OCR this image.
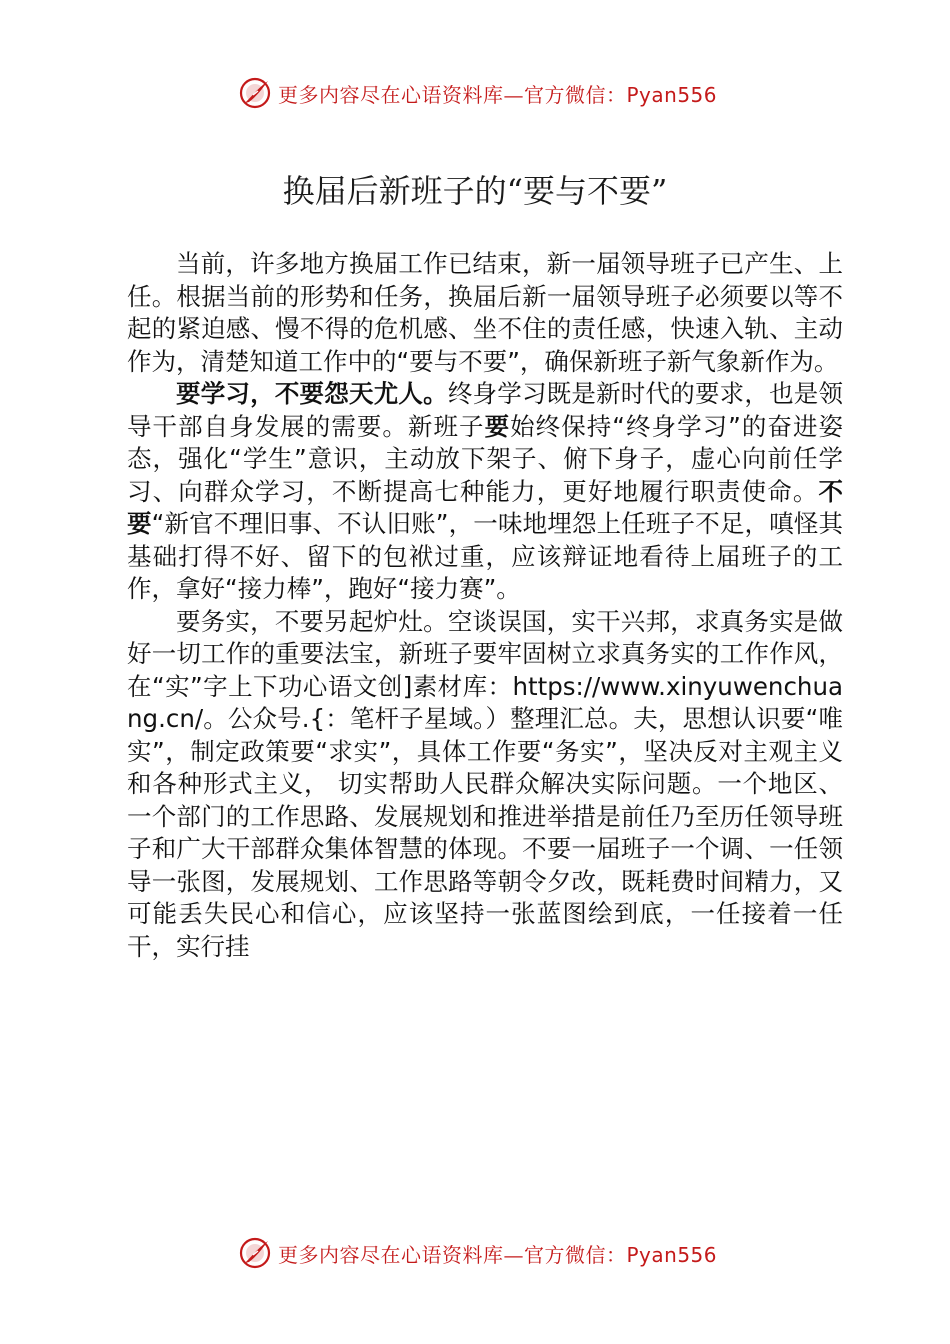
更多内容尽在心语资料库—官方微信：Pyan556
换届后新班子的“要与不要”

当前，许多地方换届工作已结束，新一届领导班子已产生、上任。根据当前的形势和任务，换届后新一届领导班子必须要以等不起的紧迫感、慢不得的危机感、坐不住的责任感，快速入轨、主动作为，清楚知道工作中的“要与不要”，确保新班子新气象新作为。

要学习，不要怨天尤人。终身学习既是新时代的要求，也是领导干部自身发展的需要。新班子要始终保持“终身学习”的奋进姿态，强化“学生”意识，主动放下架子、俯下身子，虚心向前任学习、向群众学习，不断提高七种能力，更好地履行职责使命。不要“新官不理旧事、不认旧账”，一味地埋怨上任班子不足，嗔怪其基础打得不好、留下的包袱过重，应该辩证地看待上届班子的工作，拿好“接力棒”，跑好“接力赛”。

要务实，不要另起炉灶。空谈误国，实干兴邦，求真务实是做好一切工作的重要法宝，新班子要牢固树立求真务实的工作作风，在“实”字上下功心语文创]素材库：https://www.xinyuwenchuang.cn/。公众号.{：笔杆子星域。）整理汇总。夫，思想认识要“唯实”，制定政策要“求实”，具体工作要“务实”，坚决反对主观主义和各种形式主义， 切实帮助人民群众解决实际问题。一个地区、一个部门的工作思路、发展规划和推进举措是前任乃至历任领导班子和广大干部群众集体智慧的体现。不要一届班子一个调、一任领导一张图，发展规划、工作思路等朝令夕改，既耗费时间精力，又可能丢失民心和信心，应该坚持一张蓝图绘到底，一任接着一任干，实行挂

更多内容尽在心语资料库—官方微信：Pyan556
